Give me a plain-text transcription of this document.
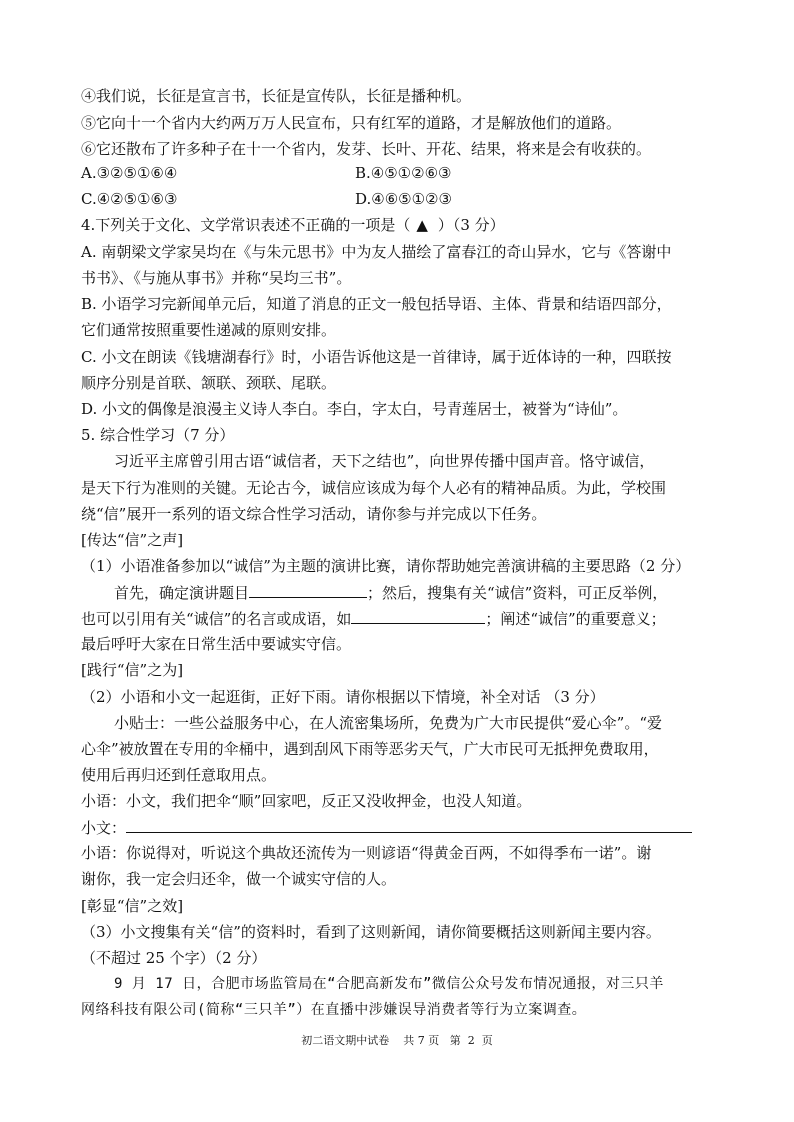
④我们说，长征是宣言书，长征是宣传队，长征是播种机。
⑤它向十一个省内大约两万万人民宣布，只有红军的道路，才是解放他们的道路。
⑥它还散布了许多种子在十一个省内，发芽、长叶、开花、结果，将来是会有收获的。
A.③②⑤①⑥④	B.④⑤①②⑥③
C.④②⑤①⑥③	D.④⑥⑤①②③
4.下列关于文化、文学常识表述不正确的一项是（ ▲ ）（3 分）
A. 南朝梁文学家吴均在《与朱元思书》中为友人描绘了富春江的奇山异水，它与《答谢中
书书》、《与施从事书》并称“吴均三书”。
B. 小语学习完新闻单元后，知道了消息的正文一般包括导语、主体、背景和结语四部分，
它们通常按照重要性递减的原则安排。
C. 小文在朗读《钱塘湖春行》时，小语告诉他这是一首律诗，属于近体诗的一种，四联按
顺序分别是首联、颔联、颈联、尾联。
D. 小文的偶像是浪漫主义诗人李白。李白，字太白，号青莲居士，被誉为“诗仙”。
5. 综合性学习（7 分）
习近平主席曾引用古语“诚信者，天下之结也”，向世界传播中国声音。恪守诚信，
是天下行为准则的关键。无论古今，诚信应该成为每个人必有的精神品质。为此，学校围
绕“信”展开一系列的语文综合性学习活动，请你参与并完成以下任务。
[传达“信”之声]
（1）小语准备参加以“诚信”为主题的演讲比赛，请你帮助她完善演讲稿的主要思路（2 分）
首先，确定演讲题目	；然后，搜集有关“诚信”资料，可正反举例，
也可以引用有关“诚信”的名言或成语，如	；阐述“诚信”的重要意义；
最后呼吁大家在日常生活中要诚实守信。
[践行“信”之为]
（2）小语和小文一起逛街，正好下雨。请你根据以下情境，补全对话 （3 分）
小贴士：一些公益服务中心，在人流密集场所，免费为广大市民提供“爱心伞”。“爱
心伞”被放置在专用的伞桶中，遇到刮风下雨等恶劣天气，广大市民可无抵押免费取用，
使用后再归还到任意取用点。
小语：小文，我们把伞“顺”回家吧，反正又没收押金，也没人知道。
小文：
小语：你说得对，听说这个典故还流传为一则谚语“得黄金百两，不如得季布一诺”。谢
谢你，我一定会归还伞，做一个诚实守信的人。
[彰显“信”之效]
（3）小文搜集有关“信”的资料时，看到了这则新闻，请你简要概括这则新闻主要内容。
（不超过 25 个字）（2 分）
9 月 17 日，合肥市场监管局在“合肥高新发布”微信公众号发布情况通报，对三只羊
网络科技有限公司(简称“三只羊”）在直播中涉嫌误导消费者等行为立案调查。
初二语文期中试卷    共 7 页   第  2  页
